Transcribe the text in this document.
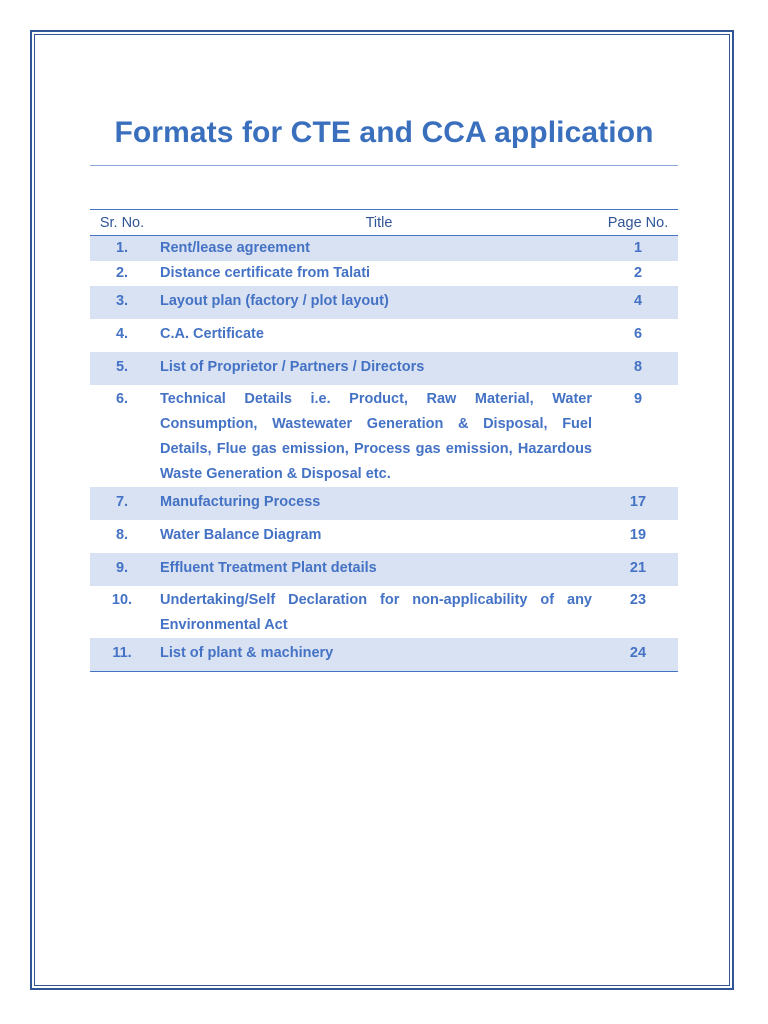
Formats for CTE and CCA application
Sr. No.	Title	Page No.
1.	Rent/lease agreement	1
2.	Distance certificate from Talati	2
3.	Layout plan (factory / plot layout)	4
4.	C.A. Certificate	6
5.	List of Proprietor / Partners / Directors	8
6.	Technical Details i.e. Product, Raw Material, Water Consumption, Wastewater Generation & Disposal, Fuel Details, Flue gas emission, Process gas emission, Hazardous Waste Generation & Disposal etc.	9
7.	Manufacturing Process	17
8.	Water Balance Diagram	19
9.	Effluent Treatment Plant details	21
10.	Undertaking/Self Declaration for non-applicability of any Environmental Act	23
11.	List of plant & machinery	24
